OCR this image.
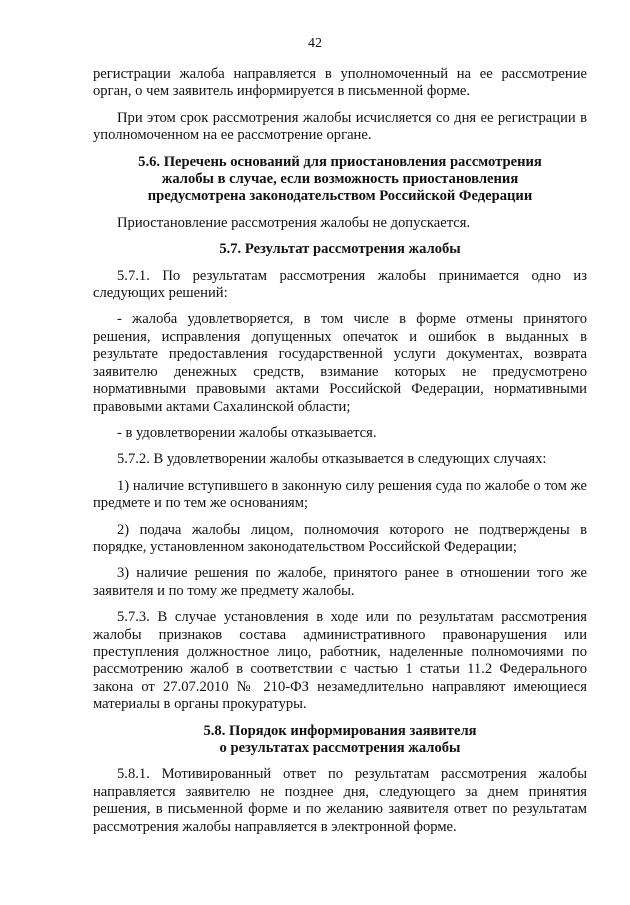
42

регистрации жалоба направляется в уполномоченный на ее рассмотрение орган, о чем заявитель информируется в письменной форме.

При этом срок рассмотрения жалобы исчисляется со дня ее регистрации в уполномоченном на ее рассмотрение органе.

5.6. Перечень оснований для приостановления рассмотрения
жалобы в случае, если возможность приостановления
предусмотрена законодательством Российской Федерации

Приостановление рассмотрения жалобы не допускается.

5.7. Результат рассмотрения жалобы

5.7.1. По результатам рассмотрения жалобы принимается одно из следующих решений:

- жалоба удовлетворяется, в том числе в форме отмены принятого решения, исправления допущенных опечаток и ошибок в выданных в результате предоставления государственной услуги документах, возврата заявителю денежных средств, взимание которых не предусмотрено нормативными правовыми актами Российской Федерации, нормативными правовыми актами Сахалинской области;

- в удовлетворении жалобы отказывается.

5.7.2. В удовлетворении жалобы отказывается в следующих случаях:

1) наличие вступившего в законную силу решения суда по жалобе о том же предмете и по тем же основаниям;

2) подача жалобы лицом, полномочия которого не подтверждены в порядке, установленном законодательством Российской Федерации;

3) наличие решения по жалобе, принятого ранее в отношении того же заявителя и по тому же предмету жалобы.

5.7.3. В случае установления в ходе или по результатам рассмотрения жалобы признаков состава административного правонарушения или преступления должностное лицо, работник, наделенные полномочиями по рассмотрению жалоб в соответствии с частью 1 статьи 11.2 Федерального закона от 27.07.2010 № 210-ФЗ незамедлительно направляют имеющиеся материалы в органы прокуратуры.

5.8. Порядок информирования заявителя
о результатах рассмотрения жалобы

5.8.1. Мотивированный ответ по результатам рассмотрения жалобы направляется заявителю не позднее дня, следующего за днем принятия решения, в письменной форме и по желанию заявителя ответ по результатам рассмотрения жалобы направляется в электронной форме.
